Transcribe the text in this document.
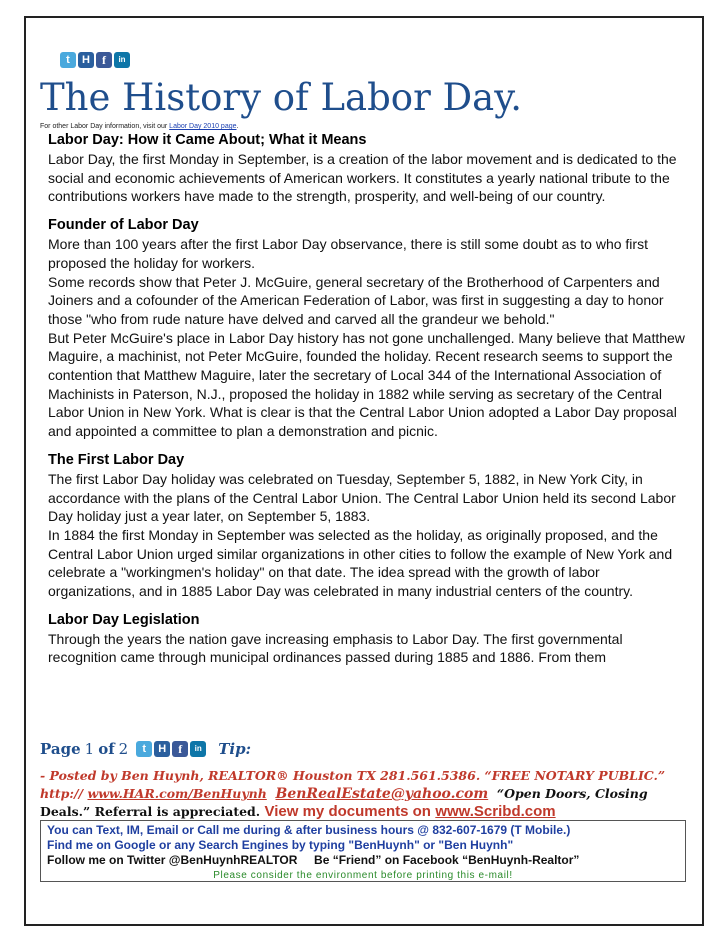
t	H	f	in
The History of Labor Day.
For other Labor Day information, visit our Labor Day 2010 page.

Labor Day: How it Came About; What it Means

Labor Day, the first Monday in September, is a creation of the labor movement and is dedicated to the social and economic achievements of American workers. It constitutes a yearly national tribute to the contributions workers have made to the strength, prosperity, and well-being of our country.

Founder of Labor Day

More than 100 years after the first Labor Day observance, there is still some doubt as to who first proposed the holiday for workers.

Some records show that Peter J. McGuire, general secretary of the Brotherhood of Carpenters and Joiners and a cofounder of the American Federation of Labor, was first in suggesting a day to honor those "who from rude nature have delved and carved all the grandeur we behold."

But Peter McGuire's place in Labor Day history has not gone unchallenged. Many believe that Matthew Maguire, a machinist, not Peter McGuire, founded the holiday. Recent research seems to support the contention that Matthew Maguire, later the secretary of Local 344 of the International Association of Machinists in Paterson, N.J., proposed the holiday in 1882 while serving as secretary of the Central Labor Union in New York. What is clear is that the Central Labor Union adopted a Labor Day proposal and appointed a committee to plan a demonstration and picnic.

The First Labor Day

The first Labor Day holiday was celebrated on Tuesday, September 5, 1882, in New York City, in accordance with the plans of the Central Labor Union. The Central Labor Union held its second Labor Day holiday just a year later, on September 5, 1883.

In 1884 the first Monday in September was selected as the holiday, as originally proposed, and the Central Labor Union urged similar organizations in other cities to follow the example of New York and celebrate a "workingmen's holiday" on that date. The idea spread with the growth of labor organizations, and in 1885 Labor Day was celebrated in many industrial centers of the country.

Labor Day Legislation

Through the years the nation gave increasing emphasis to Labor Day. The first governmental recognition came through municipal ordinances passed during 1885 and 1886. From them

Page 1 of 2	t	H	f	in Tip:
- Posted by Ben Huynh, REALTOR® Houston TX 281.561.5386. “FREE NOTARY PUBLIC.”
http:// www.HAR.com/BenHuynh BenRealEstate@yahoo.com “Open Doors, Closing
Deals.” Referral is appreciated. View my documents on www.Scribd.com
You can Text, IM, Email or Call me during & after business hours @ 832-607-1679 (T Mobile.)
Find me on Google or any Search Engines by typing "BenHuynh" or "Ben Huynh"
Follow me on Twitter @BenHuynhREALTOR Be “Friend” on Facebook “BenHuynh-Realtor”
Please consider the environment before printing this e-mail!
